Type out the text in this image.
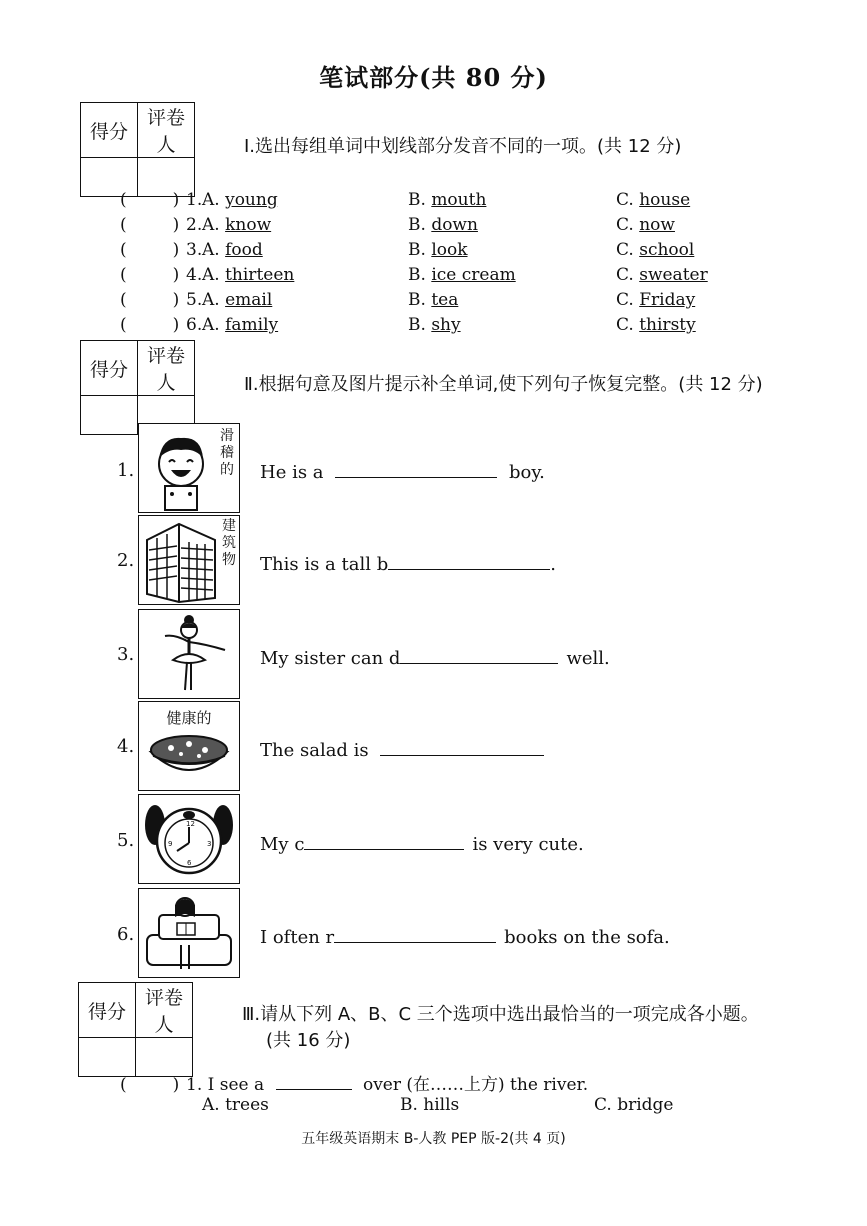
笔试部分(共 80 分)
得分	评卷人
		Ⅰ.选出每组单词中划线部分发音不同的一项。(共 12 分)
(	) 1. A. young	B. mouth	C. house
(	) 2. A. know	B. down	C. now
(	) 3. A. food	B. look	C. school
(	) 4. A. thirteen	B. ice cream	C. sweater
(	) 5. A. email	B. tea	C. Friday
(	) 6. A. family	B. shy	C. thirsty
得分	评卷人
		Ⅱ.根据句意及图片提示补全单词,使下列句子恢复完整。(共 12 分)
1.
滑
稽
的 He is a	boy.
2.
建
筑
物 This is a tall b	.
3.	My sister can d	well.
4.
健康的
The salad is
5.
12
3
6
9	My c	is very cute.
6.	I often r	books on the sofa.
得分	评卷人
		Ⅲ.请从下列 A、B、C 三个选项中选出最恰当的一项完成各小题。
(共 16 分)
(	) 1. I see a	over (在……上方) the river.
A. trees	B. hills	C. bridge
五年级英语期末 B-人教 PEP 版-2(共 4 页)
